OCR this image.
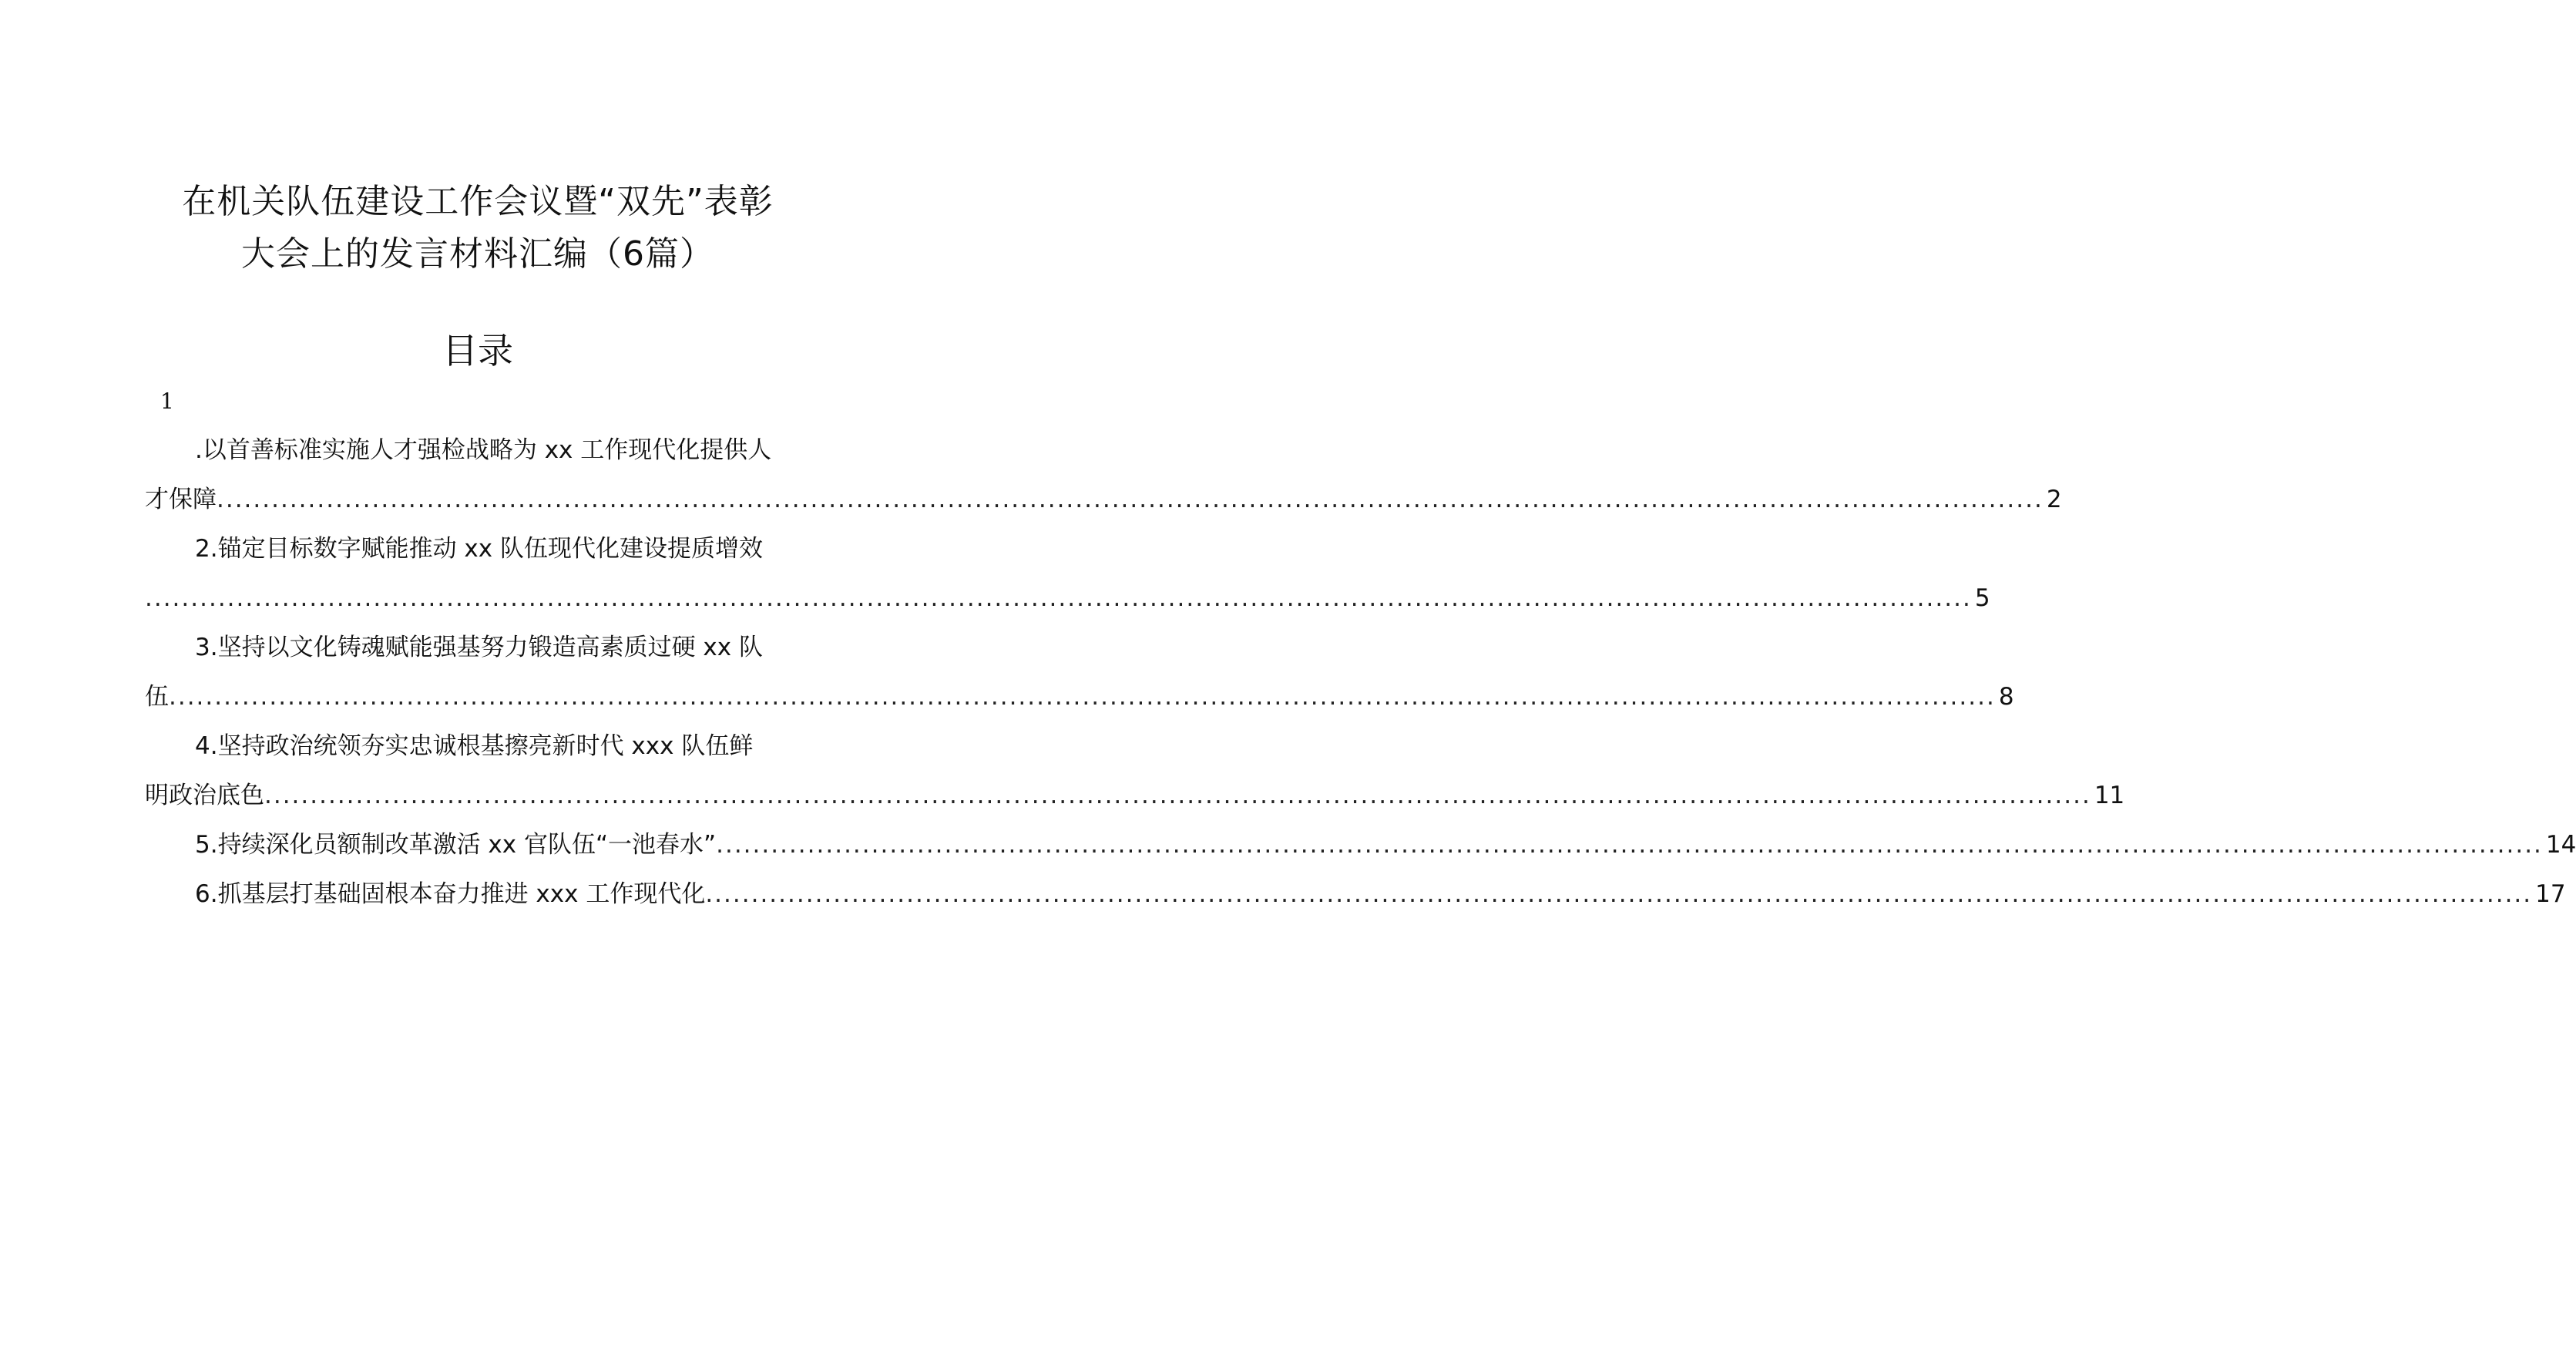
在机关队伍建设工作会议暨“双先”表彰
大会上的发言材料汇编（6篇）
目录
1
.以首善标准实施人才强检战略为 xx 工作现代化提供人
才保障 ........................................................................................................................................................................................................ 2
2.锚定目标数字赋能推动 xx 队伍现代化建设提质增效
........................................................................................................................................................................................................ 5
3.坚持以文化铸魂赋能强基努力锻造高素质过硬 xx 队
伍 ........................................................................................................................................................................................................ 8
4.坚持政治统领夯实忠诚根基擦亮新时代 xxx 队伍鲜
明政治底色 ........................................................................................................................................................................................................ 11
5.持续深化员额制改革激活 xx 官队伍“一池春水” ........................................................................................................................................................................................................ 14
6.抓基层打基础固根本奋力推进 xxx 工作现代化 ........................................................................................................................................................................................................ 17
